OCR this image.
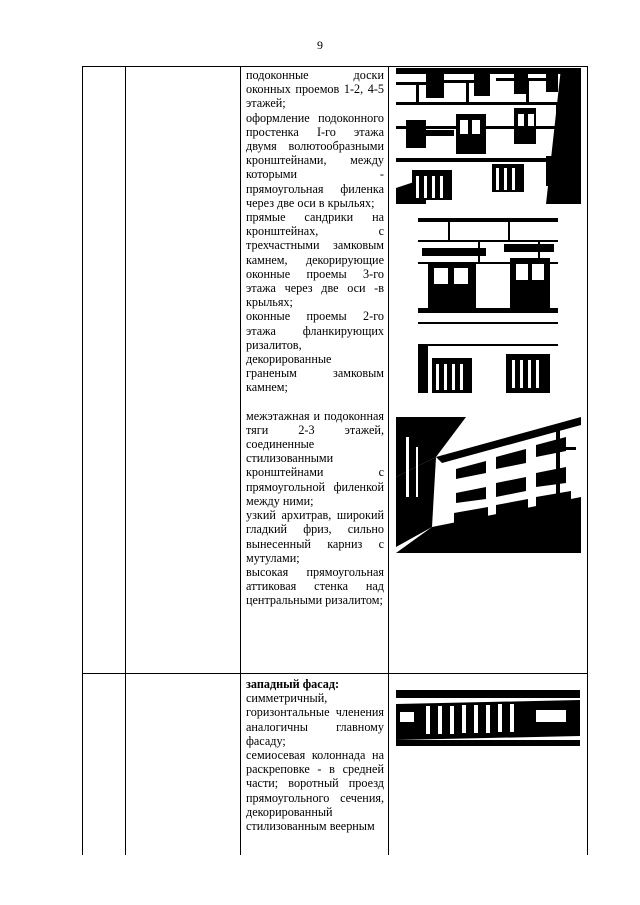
9

подоконные доски оконных проемов 1-2, 4-5 этажей;

оформление подоконного простенка I-го этажа двумя волютообразными кронштейнами, между которыми - прямоугольная филенка через две оси в крыльях;

прямые сандрики на кронштейнах, с трехчастными замковым камнем, декорирующие оконные проемы 3-го этажа через две оси -в крыльях;

оконные проемы 2-го этажа фланкирующих ризалитов, декорированные граненым замковым камнем;

межэтажная и подоконная тяги 2-3 этажей, соединенные стилизованными кронштейнами с прямоугольной филенкой между ними;

узкий архитрав, широкий гладкий фриз, сильно вынесенный карниз с мутулами;

высокая прямоугольная аттиковая стенка над центральными ризалитом;

западный фасад:

симметричный, горизонтальные членения аналогичны главному фасаду;

семиосевая колоннада на раскреповке - в средней части; воротный проезд прямоугольного сечения, декорированный стилизованным веерным
